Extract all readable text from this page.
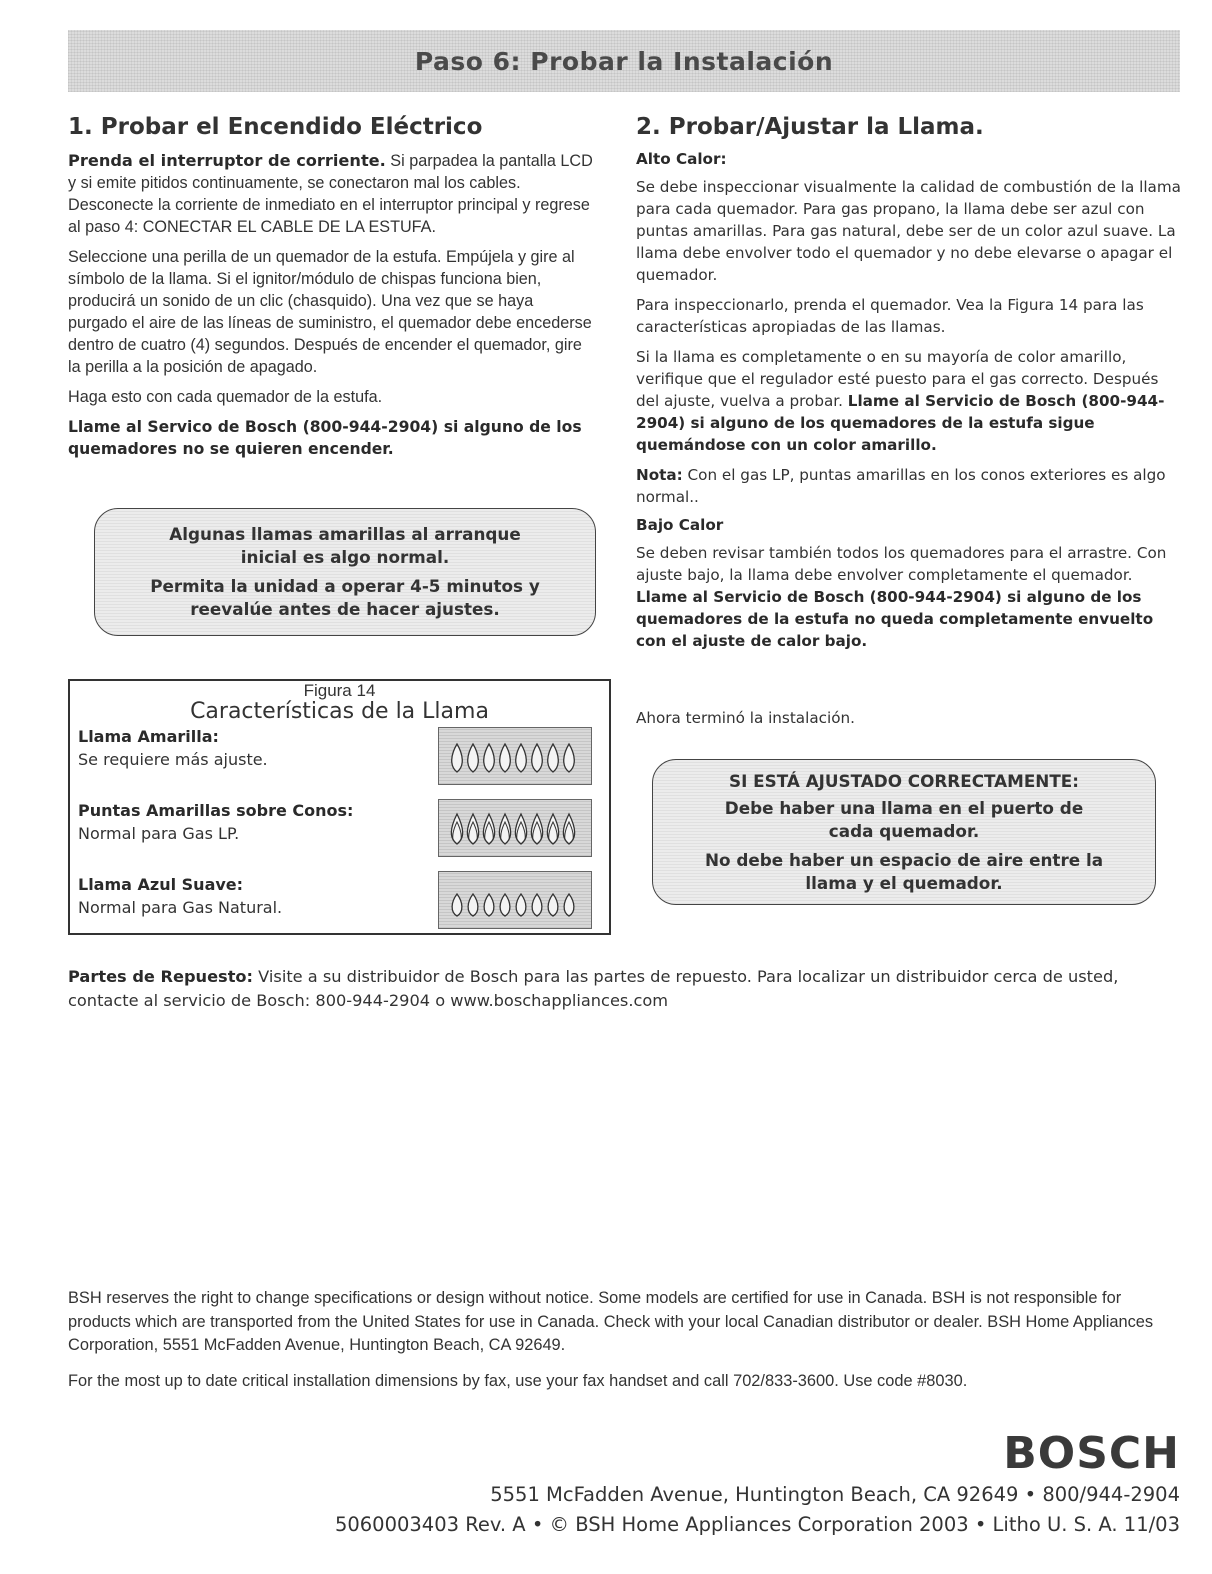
Paso 6: Probar la Instalación
1. Probar el Encendido Eléctrico

Prenda el interruptor de corriente. Si parpadea la pantalla LCD y si emite pitidos continuamente, se conectaron mal los cables. Desconecte la corriente de inmediato en el interruptor principal y regrese al paso 4: CONECTAR EL CABLE DE LA ESTUFA.

Seleccione una perilla de un quemador de la estufa. Empújela y gire al símbolo de la llama. Si el ignitor/módulo de chispas funciona bien, producirá un sonido de un clic (chasquido). Una vez que se haya purgado el aire de las líneas de suministro, el quemador debe encederse dentro de cuatro (4) segundos. Después de encender el quemador, gire la perilla a la posición de apagado.

Haga esto con cada quemador de la estufa.

Llame al Servico de Bosch (800-944-2904) si alguno de los quemadores no se quieren encender.

Algunas llamas amarillas al arranque
inicial es algo normal.
Permita la unidad a operar 4-5 minutos y
reevalúe antes de hacer ajustes.
Figura 14
Características de la Llama
Llama Amarilla:
Se requiere más ajuste.
Puntas Amarillas sobre Conos:
Normal para Gas LP.
Llama Azul Suave:
Normal para Gas Natural.
2. Probar/Ajustar la Llama.
Alto Calor:

Se debe inspeccionar visualmente la calidad de combustión de la llama para cada quemador. Para gas propano, la llama debe ser azul con puntas amarillas. Para gas natural, debe ser de un color azul suave. La llama debe envolver todo el quemador y no debe elevarse o apagar el quemador.

Para inspeccionarlo, prenda el quemador. Vea la Figura 14 para las características apropiadas de las llamas.

Si la llama es completamente o en su mayoría de color amarillo, verifique que el regulador esté puesto para el gas correcto. Después del ajuste, vuelva a probar. Llame al Servicio de Bosch (800-944-2904) si alguno de los quemadores de la estufa sigue quemándose con un color amarillo.

Nota: Con el gas LP, puntas amarillas en los conos exteriores es algo normal..

Bajo Calor

Se deben revisar también todos los quemadores para el arrastre. Con ajuste bajo, la llama debe envolver completamente el quemador. Llame al Servicio de Bosch (800-944-2904) si alguno de los quemadores de la estufa no queda completamente envuelto con el ajuste de calor bajo.

Ahora terminó la instalación.
SI ESTÁ AJUSTADO CORRECTAMENTE:
Debe haber una llama en el puerto de
cada quemador.
No debe haber un espacio de aire entre la
llama y el quemador.
Partes de Repuesto: Visite a su distribuidor de Bosch para las partes de repuesto. Para localizar un distribuidor cerca de usted, contacte al servicio de Bosch: 800-944-2904 o www.boschappliances.com

BSH reserves the right to change specifications or design without notice. Some models are certified for use in Canada. BSH is not responsible for products which are transported from the United States for use in Canada. Check with your local Canadian distributor or dealer. BSH Home Appliances Corporation, 5551 McFadden Avenue, Huntington Beach, CA 92649.

For the most up to date critical installation dimensions by fax, use your fax handset and call 702/833-3600. Use code #8030.

BOSCH
5551 McFadden Avenue, Huntington Beach, CA 92649 • 800/944-2904
5060003403 Rev. A • © BSH Home Appliances Corporation 2003 • Litho U. S. A. 11/03
